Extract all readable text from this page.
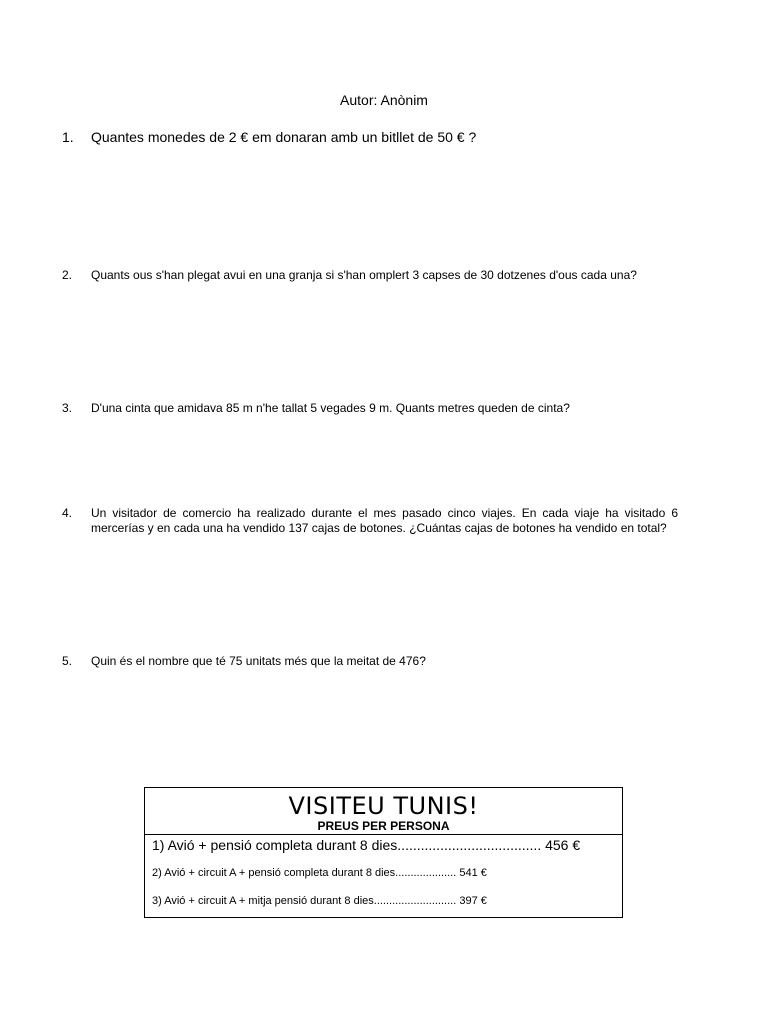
Autor: Anònim
1.	Quantes monedes de 2 € em donaran amb un bitllet de 50 € ?
2.	Quants ous s'han plegat avui en una granja si s'han omplert 3 capses de 30 dotzenes d'ous cada una?
3.	D'una cinta que amidava 85 m n'he tallat 5 vegades 9 m. Quants metres queden de cinta?
4.	Un visitador de comercio ha realizado durante el mes pasado cinco viajes. En cada viaje ha visitado 6 mercerías y en cada una ha vendido 137 cajas de botones. ¿Cuántas cajas de botones ha vendido en total?
5.	Quin és el nombre que té 75 unitats més que la meitat de 476?
VISITEU TUNIS!
PREUS PER PERSONA
1) Avió + pensió completa durant 8 dies..................................... 456 €
2) Avió + circuit A + pensió completa durant 8 dies.................... 541 €
3) Avió + circuit A + mitja pensió durant 8 dies........................... 397 €
